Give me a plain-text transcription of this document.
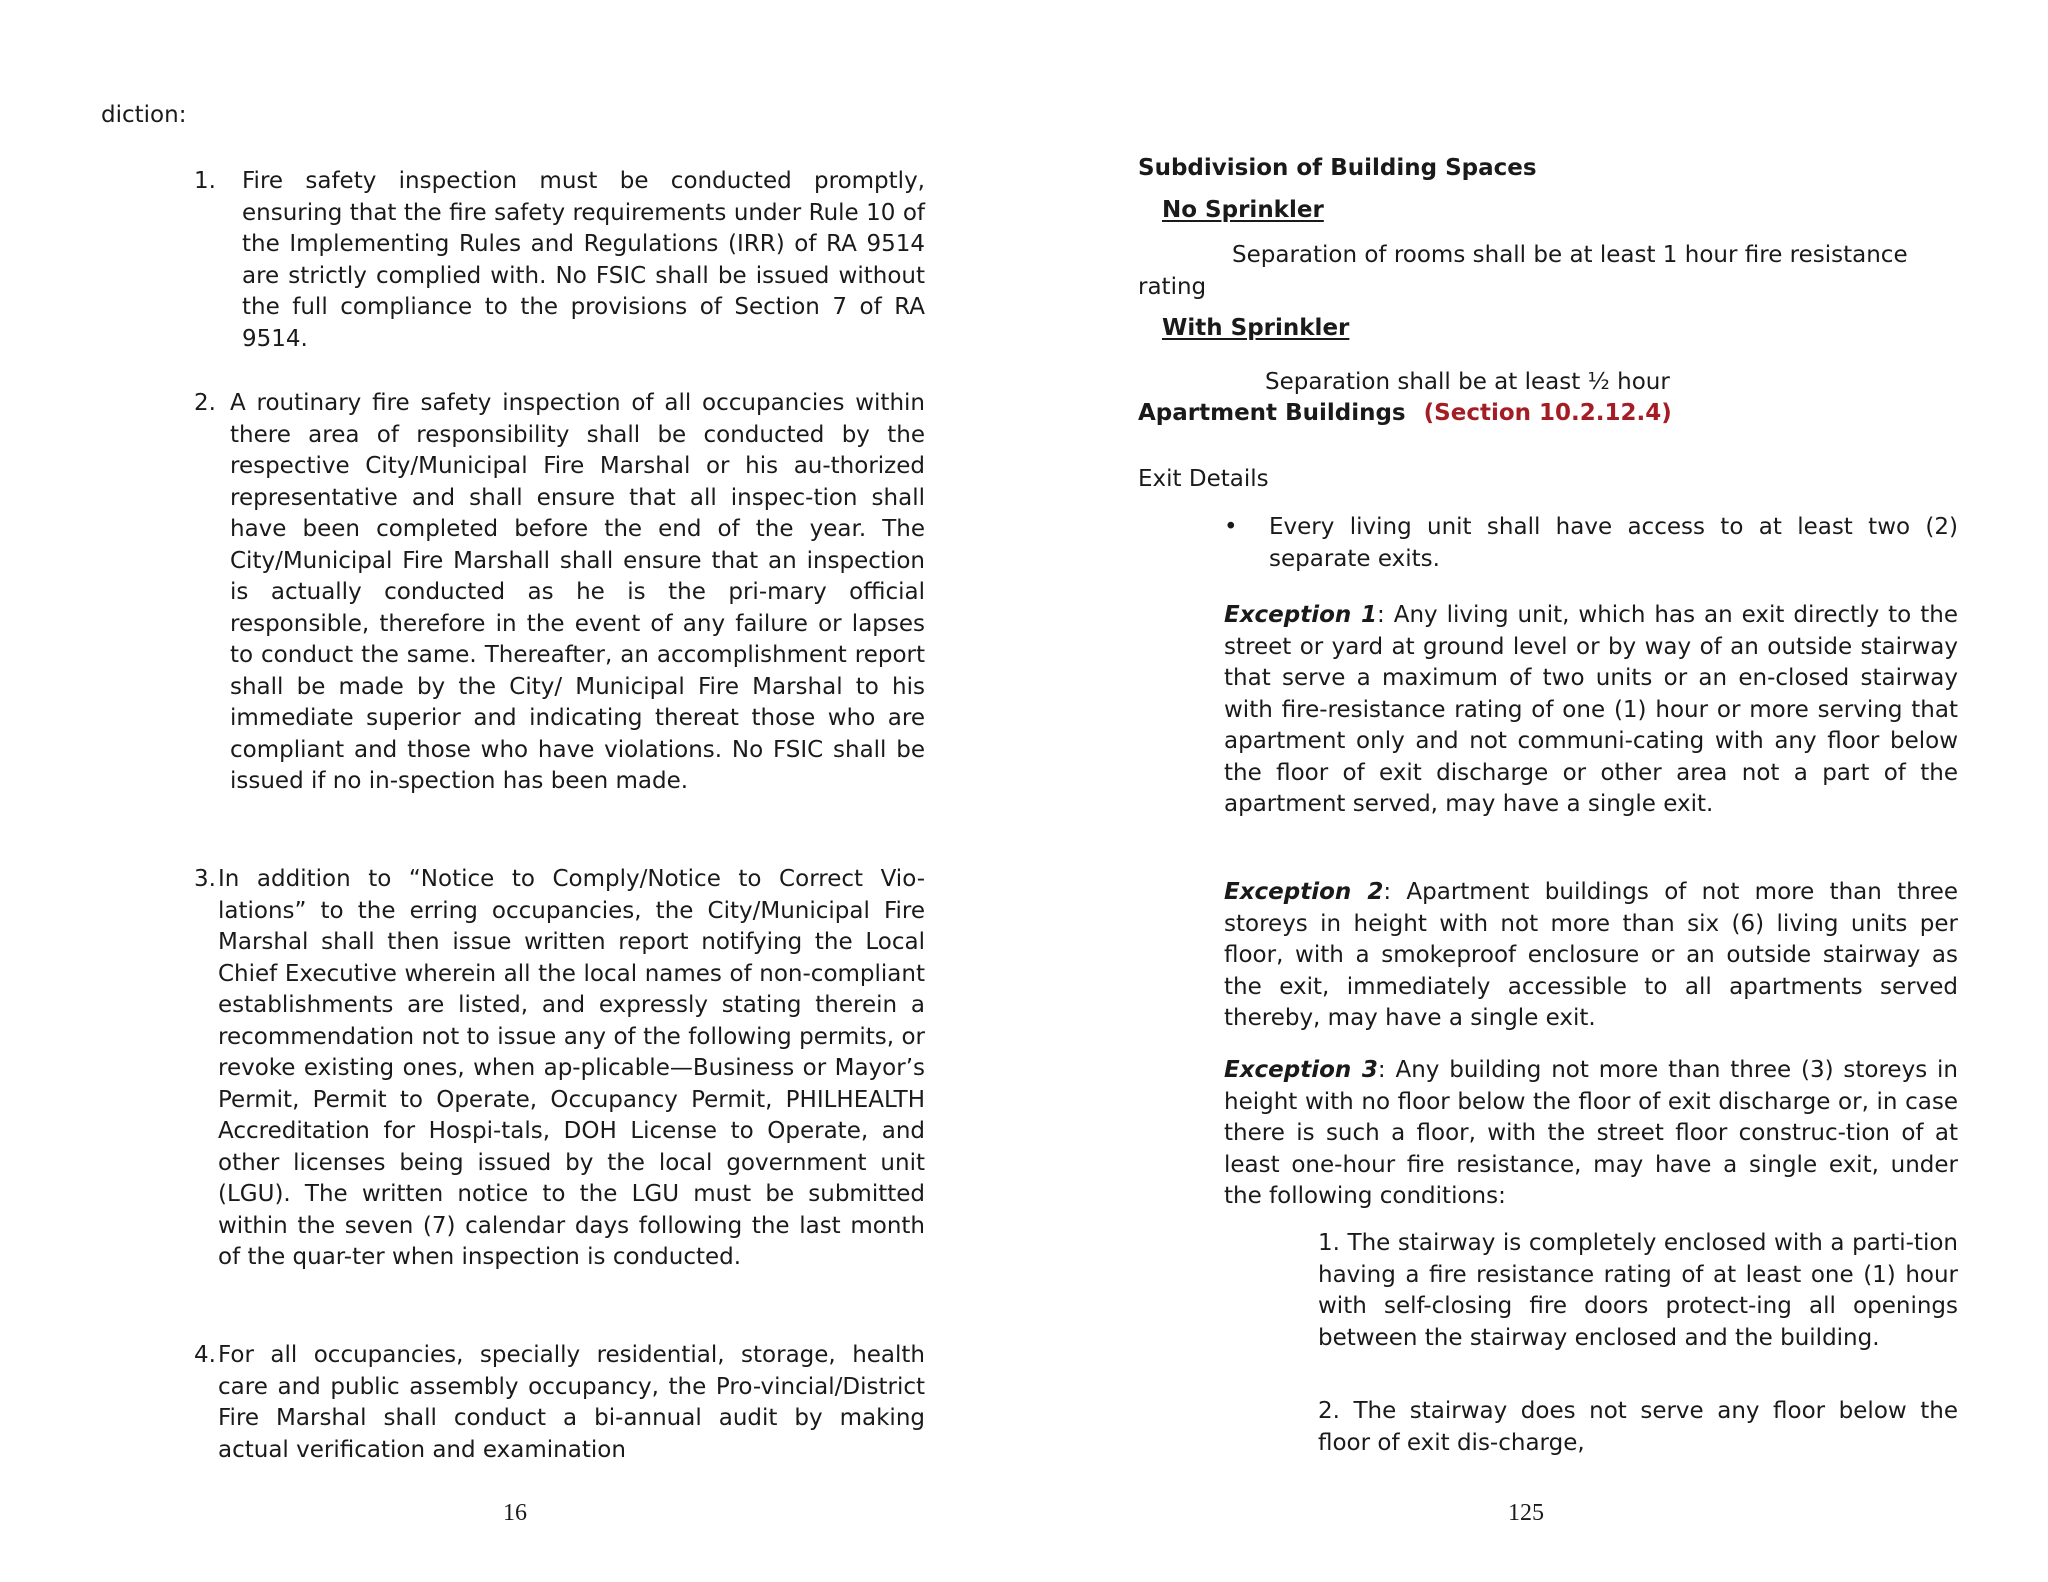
diction:

1. Fire safety inspection must be conducted promptly, ensuring that the fire safety requirements under Rule 10 of the Implementing Rules and Regulations (IRR) of RA 9514 are strictly complied with. No FSIC shall be issued without the full compliance to the provisions of Section 7 of RA 9514.
2. A routinary fire safety inspection of all occupancies within there area of responsibility shall be conducted by the respective City/Municipal Fire Marshal or his au-thorized representative and shall ensure that all inspec-tion shall have been completed before the end of the year. The City/Municipal Fire Marshall shall ensure that an inspection is actually conducted as he is the pri-mary official responsible, therefore in the event of any failure or lapses to conduct the same. Thereafter, an accomplishment report shall be made by the City/ Municipal Fire Marshal to his immediate superior and indicating thereat those who are compliant and those who have violations. No FSIC shall be issued if no in-spection has been made.
3. In addition to “Notice to Comply/Notice to Correct Vio-lations” to the erring occupancies, the City/Municipal Fire Marshal shall then issue written report notifying the Local Chief Executive wherein all the local names of non-compliant establishments are listed, and expressly stating therein a recommendation not to issue any of the following permits, or revoke existing ones, when ap-plicable—Business or Mayor’s Permit, Permit to Operate, Occupancy Permit, PHILHEALTH Accreditation for Hospi-tals, DOH License to Operate, and other licenses being issued by the local government unit (LGU). The written notice to the LGU must be submitted within the seven (7) calendar days following the last month of the quar-ter when inspection is conducted.
4. For all occupancies, specially residential, storage, health care and public assembly occupancy, the Pro-vincial/District Fire Marshal shall conduct a bi-annual audit by making actual verification and examination
16
Subdivision of Building Spaces
No Sprinkler
Separation of rooms shall be at least 1 hour fire resistance
rating
With Sprinkler
Separation shall be at least ½ hour
Apartment Buildings (Section 10.2.12.4)
Exit Details
• Every living unit shall have access to at least two (2) separate exits.

Exception 1: Any living unit, which has an exit directly to the street or yard at ground level or by way of an outside stairway that serve a maximum of two units or an en-closed stairway with fire-resistance rating of one (1) hour or more serving that apartment only and not communi-cating with any floor below the floor of exit discharge or other area not a part of the apartment served, may have a single exit.

Exception 2: Apartment buildings of not more than three storeys in height with not more than six (6) living units per floor, with a smokeproof enclosure or an outside stairway as the exit, immediately accessible to all apartments served thereby, may have a single exit.

Exception 3: Any building not more than three (3) storeys in height with no floor below the floor of exit discharge or, in case there is such a floor, with the street floor construc-tion of at least one-hour fire resistance, may have a single exit, under the following conditions:

1. The stairway is completely enclosed with a parti-tion having a fire resistance rating of at least one (1) hour with self-closing fire doors protect-ing all openings between the stairway enclosed and the building.

2. The stairway does not serve any floor below the floor of exit dis-charge,

125
